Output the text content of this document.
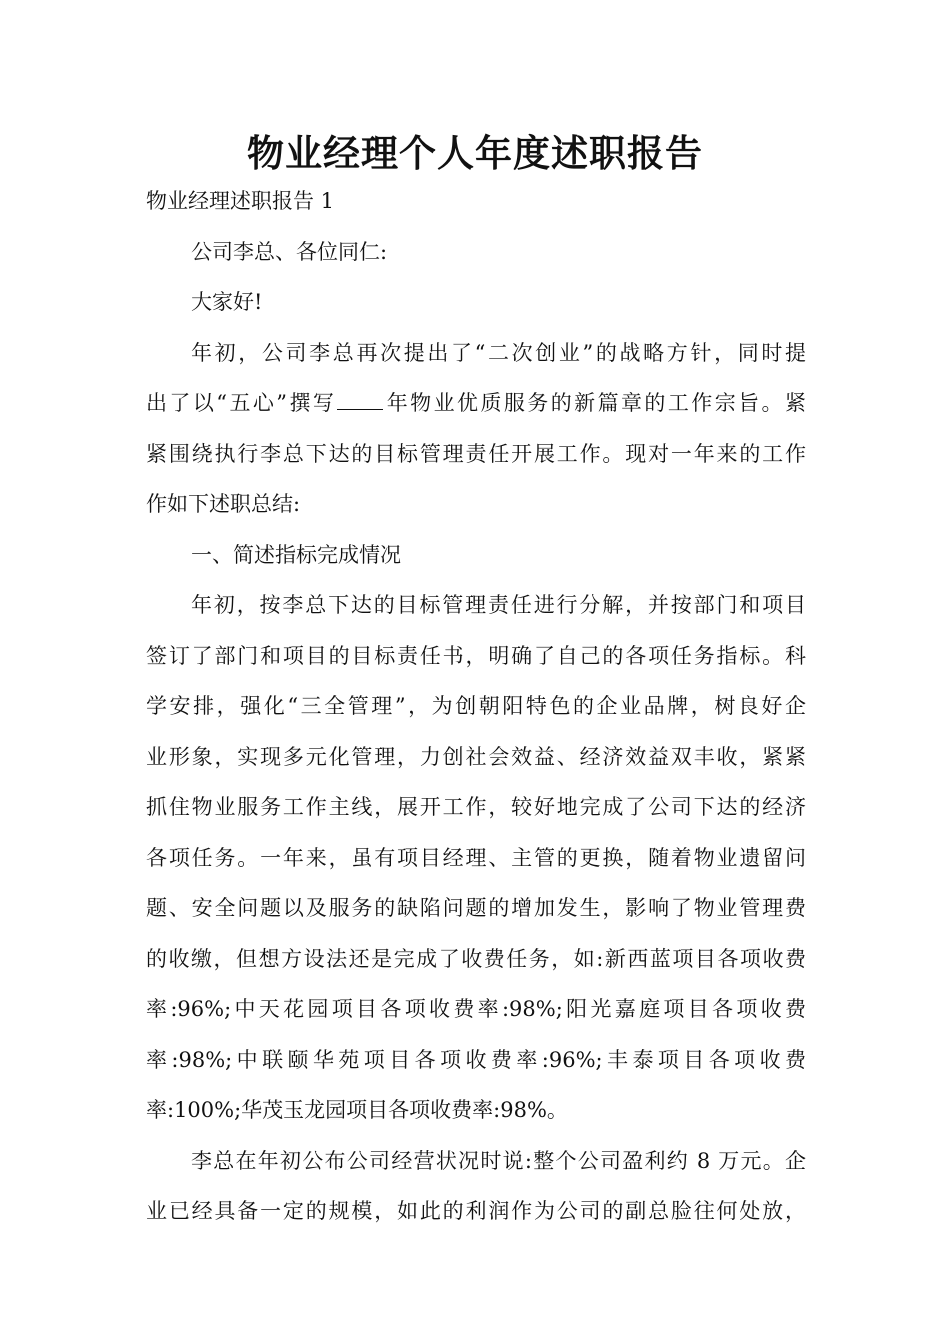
物业经理个人年度述职报告
物业经理述职报告 1
公司李总、各位同仁:
大家好!
年初，公司李总再次提出了“二次创业”的战略方针，同时提
出了以“五心”撰写 年物业优质服务的新篇章的工作宗旨。紧
紧围绕执行李总下达的目标管理责任开展工作。现对一年来的工作
作如下述职总结:
一、简述指标完成情况
年初，按李总下达的目标管理责任进行分解，并按部门和项目
签订了部门和项目的目标责任书，明确了自己的各项任务指标。科
学安排，强化“三全管理”，为创朝阳特色的企业品牌，树良好企
业形象，实现多元化管理，力创社会效益、经济效益双丰收，紧紧
抓住物业服务工作主线，展开工作，较好地完成了公司下达的经济
各项任务。一年来，虽有项目经理、主管的更换，随着物业遗留问
题、安全问题以及服务的缺陷问题的增加发生，影响了物业管理费
的收缴，但想方设法还是完成了收费任务，如:新西蓝项目各项收费
率:96%;中天花园项目各项收费率:98%;阳光嘉庭项目各项收费
率:98%;中联颐华苑项目各项收费率:96%;丰泰项目各项收费
率:100%;华茂玉龙园项目各项收费率:98%。
李总在年初公布公司经营状况时说:整个公司盈利约 8 万元。企
业已经具备一定的规模，如此的利润作为公司的副总脸往何处放，
